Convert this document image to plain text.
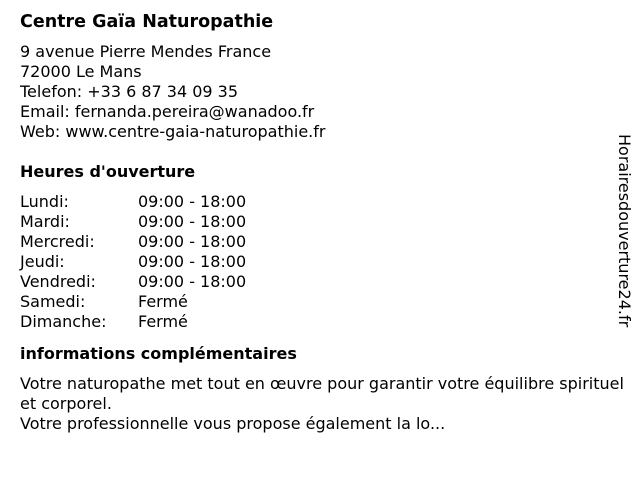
Centre Gaïa Naturopathie
9 avenue Pierre Mendes France
72000 Le Mans
Telefon: +33 6 87 34 09 35
Email: fernanda.pereira@wanadoo.fr
Web: www.centre-gaia-naturopathie.fr
Heures d'ouverture
Lundi:	09:00 - 18:00
Mardi:	09:00 - 18:00
Mercredi:	09:00 - 18:00
Jeudi:	09:00 - 18:00
Vendredi:	09:00 - 18:00
Samedi:	Fermé
Dimanche:	Fermé
informations complémentaires
Votre naturopathe met tout en œuvre pour garantir votre équilibre spirituel et corporel.
Votre professionnelle vous propose également la lo...
Horairesdouverture24.fr
